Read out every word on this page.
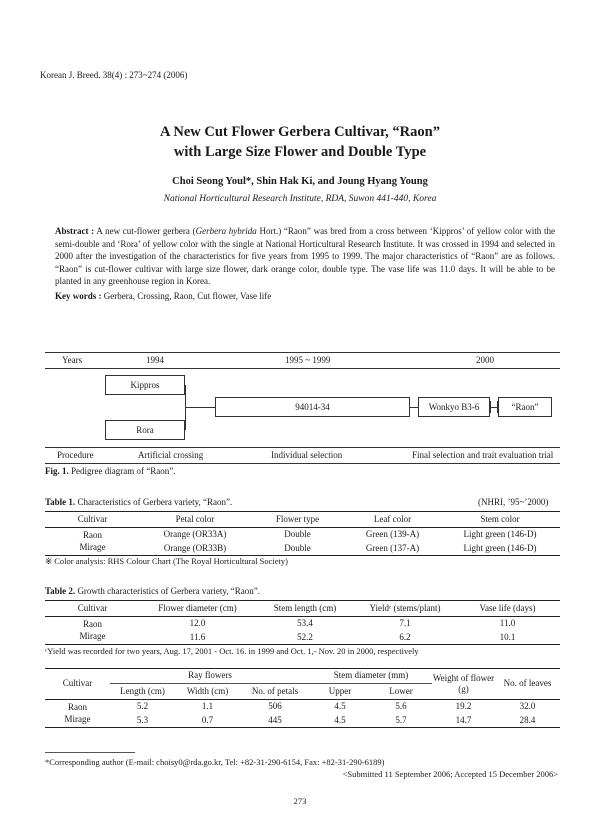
Korean J. Breed. 38(4) : 273~274 (2006)
A New Cut Flower Gerbera Cultivar, “Raon”
with Large Size Flower and Double Type
Choi Seong Youl*, Shin Hak Ki, and Joung Hyang Young
National Horticultural Research Institute, RDA, Suwon 441-440, Korea
Abstract : A new cut-flower gerbera (Gerbera hybrida Hort.) “Raon” was bred from a cross between ‘Kippros’ of yellow color with the semi-double and ‘Rora’ of yellow color with the single at National Horticultural Research Institute. It was crossed in 1994 and selected in 2000 after the investigation of the characteristics for five years from 1995 to 1999. The major characteristics of “Raon” are as follows. “Raon” is cut-flower cultivar with large size flower, dark orange color, double type. The vase life was 11.0 days. It will be able to be planted in any greenhouse region in Korea.
Key words : Gerbera, Crossing, Raon, Cut flower, Vase life
Years	1994	1995 ~ 1999	2000
Kippros
Rora
94014-34	Wonkyo B3-6	“Raon”
Procedure	Artificial crossing	Individual selection	Final selection and trait evaluation trial
Fig. 1. Pedigree diagram of “Raon”.
Table 1. Characteristics of Gerbera variety, “Raon”.	(NHRI, ’95~’2000)
Cultivar	Petal color	Flower type	Leaf color	Stem color
Raon	Orange (OR33A)	Double	Green (139-A)	Light green (146-D)
Mirage	Orange (OR33B)	Double	Green (137-A)	Light green (146-D)
※ Color analysis: RHS Colour Chart (The Royal Horticultural Society)
Table 2. Growth characteristics of Gerbera variety, “Raon”.
Cultivar	Flower diameter (cm)	Stem length (cm)	Yieldᶜ (stems/plant)	Vase life (days)
Raon	12.0	53.4	7.1	11.0
Mirage	11.6	52.2	6.2	10.1
ᶜYield was recorded for two years, Aug. 17, 2001 - Oct. 16. in 1999 and Oct. 1,- Nov. 20 in 2000, respectively
Cultivar	Ray flowers			Stem diameter (mm)		Weight of flower (g)	No. of leaves
	Length (cm)	Width (cm)	No. of petals	Upper	Lower		
Raon	5.2	1.1	506	4.5	5.6	19.2	32.0
Mirage	5.3	0.7	445	4.5	5.7	14.7	28.4
*Corresponding author (E-mail: choisy0@rda.go.kr, Tel: +82-31-290-6154, Fax: +82-31-290-6189)
<Submitted 11 September 2006; Accepted 15 December 2006>
273
